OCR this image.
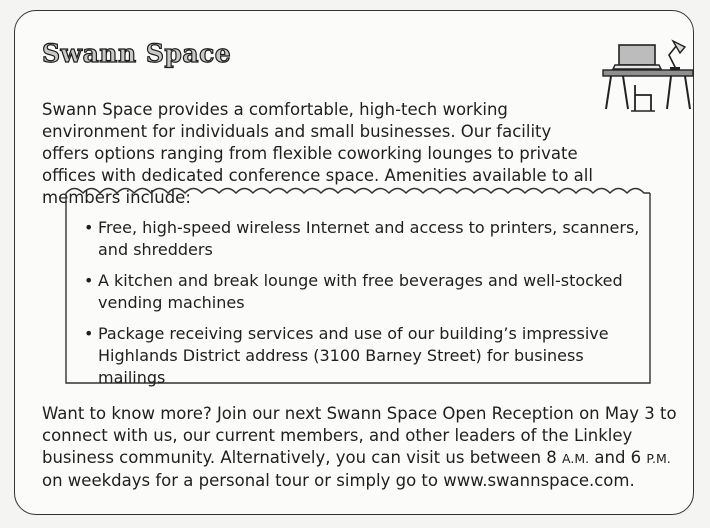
Swann Space

Swann Space provides a comfortable, high-tech working environment for individuals and small businesses. Our facility offers options ranging from flexible coworking lounges to private offices with dedicated conference space. Amenities available to all members include:

• Free, high-speed wireless Internet and access to printers, scanners, and shredders
• A kitchen and break lounge with free beverages and well-stocked vending machines
• Package receiving services and use of our building’s impressive Highlands District address (3100 Barney Street) for business mailings

Want to know more? Join our next Swann Space Open Reception on May 3 to connect with us, our current members, and other leaders of the Linkley business community. Alternatively, you can visit us between 8 A.M. and 6 P.M. on weekdays for a personal tour or simply go to www.swannspace.com.
